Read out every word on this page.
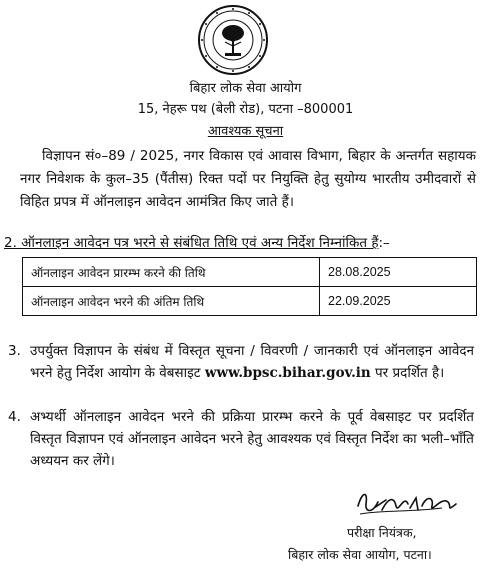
बिहार लोक सेवा आयोग
15, नेहरू पथ (बेली रोड), पटना –800001
आवश्यक सूचना
विज्ञापन सं०–89 / 2025, नगर विकास एवं आवास विभाग, बिहार के अन्तर्गत सहायक नगर निवेशक के कुल–35 (पैंतीस) रिक्त पदों पर नियुक्ति हेतु सुयोग्य भारतीय उमीदवारों से विहित प्रपत्र में ऑनलाइन आवेदन आमंत्रित किए जाते हैं।
2. ऑनलाइन आवेदन पत्र भरने से संबंधित तिथि एवं अन्य निर्देश निम्नांकित हैं:–
ऑनलाइन आवेदन प्रारम्भ करने की तिथि	28.08.2025
ऑनलाइन आवेदन भरने की अंतिम तिथि	22.09.2025
3. उपर्युक्त विज्ञापन के संबंध में विस्तृत सूचना / विवरणी / जानकारी एवं ऑनलाइन आवेदन भरने हेतु निर्देश आयोग के वेबसाइट www.bpsc.bihar.gov.in पर प्रदर्शित है।
4. अभ्यर्थी ऑनलाइन आवेदन भरने की प्रक्रिया प्रारम्भ करने के पूर्व वेबसाइट पर प्रदर्शित विस्तृत विज्ञापन एवं ऑनलाइन आवेदन भरने हेतु आवश्यक एवं विस्तृत निर्देश का भली–भाँति अध्ययन कर लेंगे।
परीक्षा नियंत्रक,
बिहार लोक सेवा आयोग, पटना।
